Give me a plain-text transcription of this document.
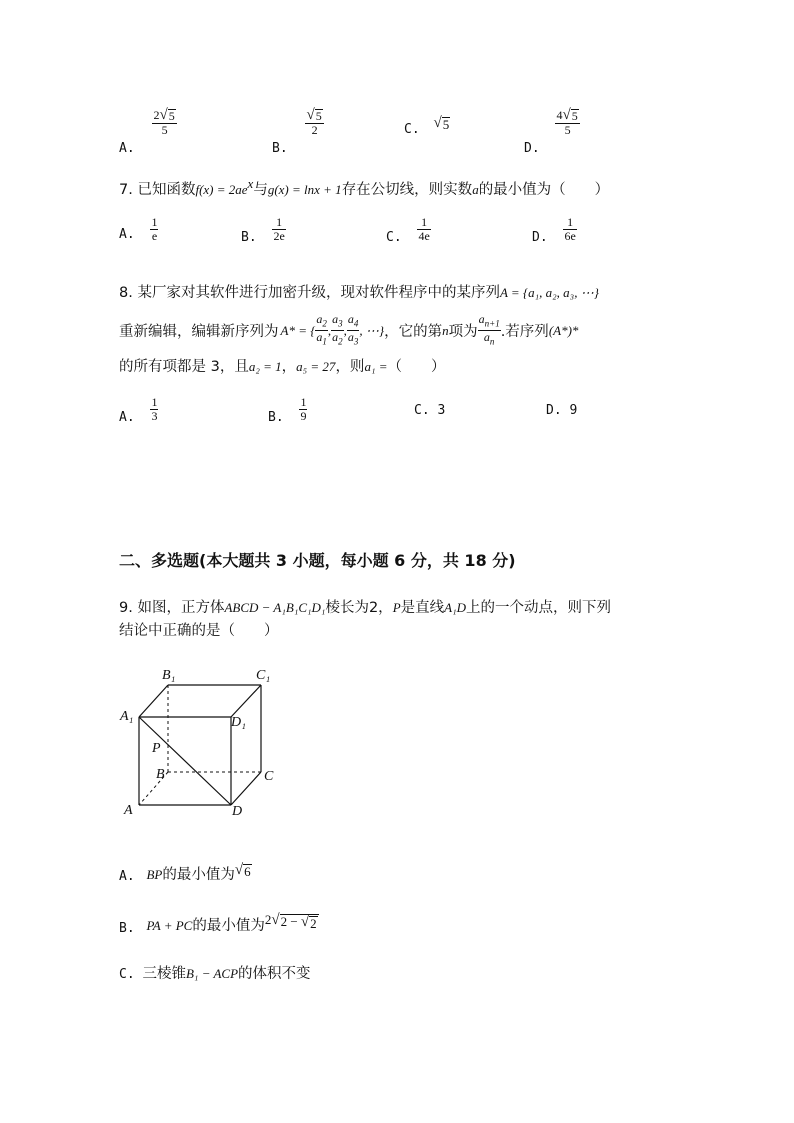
A.
$\frac{2 √ 5}{5}$
B.
$\frac{√ 5}{2}$	C. √ 5
D.
$\frac{4 √ 5}{5}$
7. 已知函数$f(x) = 2ae^x$与g(x) = lnx + 1存在公切线，则实数a的最小值为（　　）
A. $\frac{1}{e}$	B. $\frac{1}{2e}$	C. $\frac{1}{4e}$	D. $\frac{1}{6e}$
8. 某厂家对其软件进行加密升级，现对软件程序中的某序列A = {a₁, a₂, a₃, ⋯}
重新编辑，编辑新序列为 A* = { $\frac{a_2}{a_1}$ , $\frac{a_3}{a_2}$ , $\frac{a_4}{a_3}$ , ⋯} ，它的第 n 项为 $\frac{a_{n+1}}{a_n}$ .若序列 (A*)*
的所有项都是 3，且a₂ = 1，a₅ = 27，则a₁ =（　　）
A. $\frac{1}{3}$	B. $\frac{1}{9}$	C. 3	D. 9
二、多选题(本大题共 3 小题，每小题 6 分，共 18 分)
9. 如图，正方体ABCD − A₁B₁C₁D₁棱长为2，P是直线A₁D上的一个动点，则下列
结论中正确的是（　　）
B₁	C₁
A₁	D₁
P
B	C
A	D
A. BP的最小值为 √ 6
B. PA + PC的最小值为2 √ 2 − √ 2
C. 三棱锥B₁ − ACP的体积不变
